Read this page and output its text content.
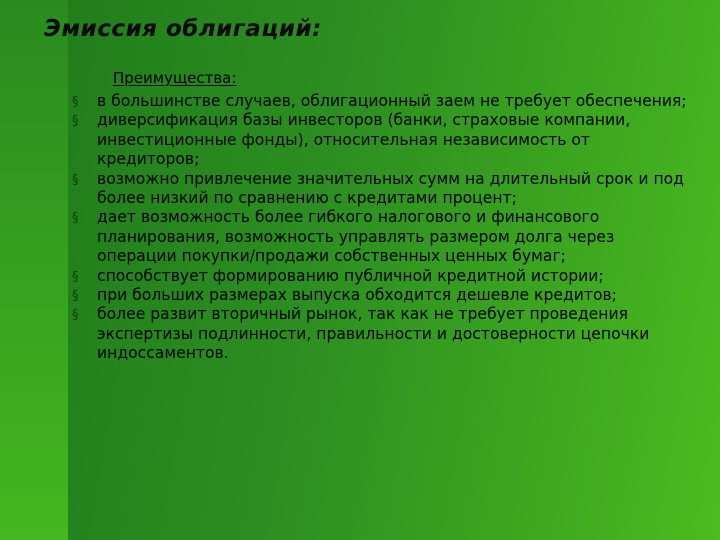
Эмиссия облигаций:
Преимущества:
§ в большинстве случаев, облигационный заем не требует обеспечения;
§ диверсификация базы инвесторов (банки, страховые компании, инвестиционные фонды), относительная независимость от кредиторов;
§ возможно привлечение значительных сумм на длительный срок и под более низкий по сравнению с кредитами процент;
§ дает возможность более гибкого налогового и финансового планирования, возможность управлять размером долга через операции покупки/продажи собственных ценных бумаг;
§ способствует формированию публичной кредитной истории;
§ при больших размерах выпуска обходится дешевле кредитов;
§ более развит вторичный рынок, так как не требует проведения экспертизы подлинности, правильности и достоверности цепочки индоссаментов.
